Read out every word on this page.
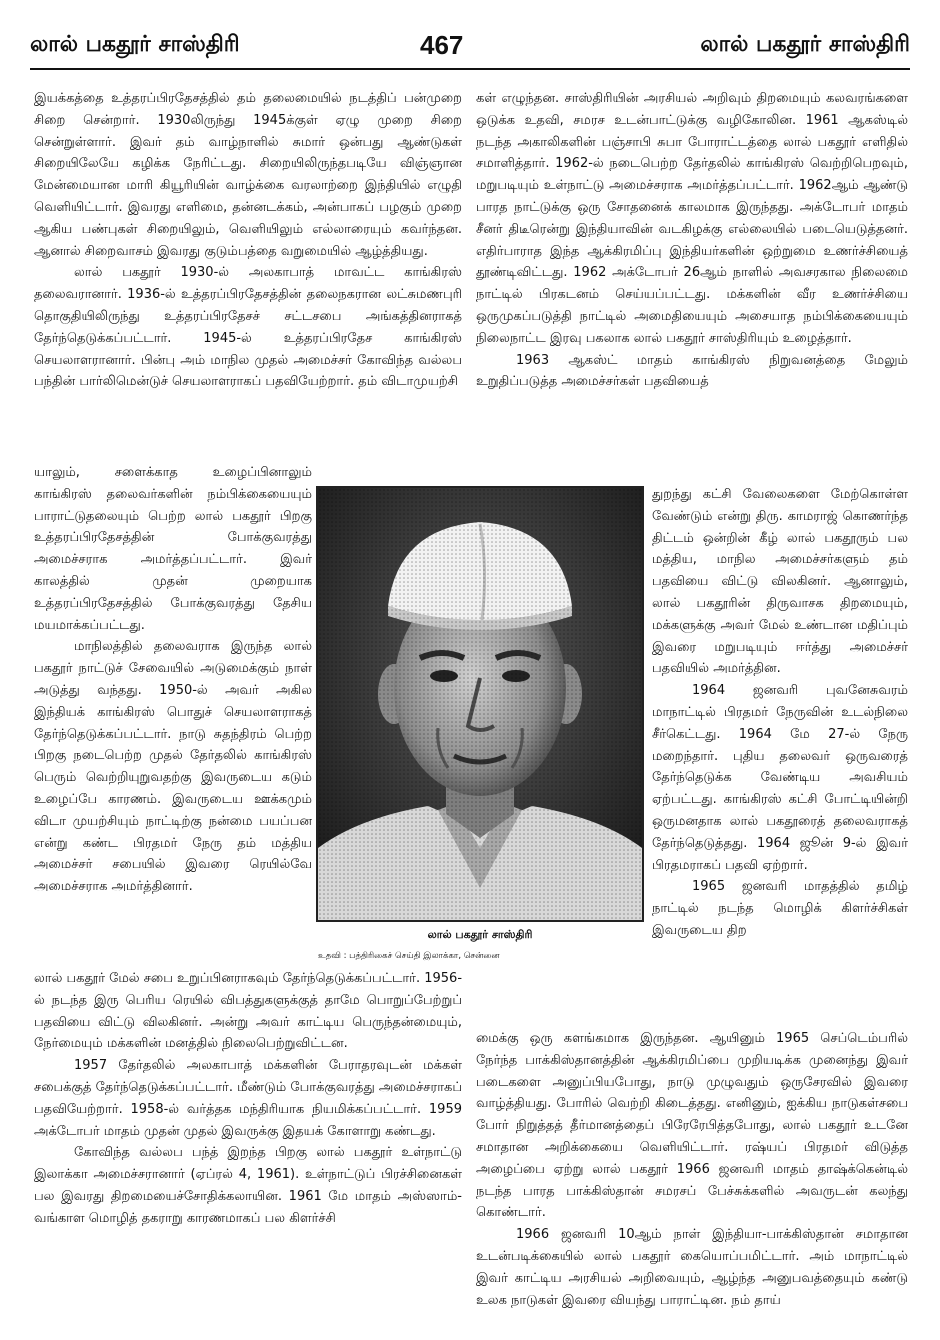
லால் பகதூர் சாஸ்திரி	467	லால் பகதூர் சாஸ்திரி

இயக்கத்தை உத்தரப்பிரதேசத்தில் தம் தலைமையில் நடத்திப் பன்முறை சிறை சென்றார். 1930லிருந்து 1945க்குள் ஏழு முறை சிறை சென்றுள்ளார். இவர் தம் வாழ்நாளில் சுமார் ஒன்பது ஆண்டுகள் சிறையிலேயே கழிக்க நேரிட்டது. சிறையிலிருந்தபடியே விஞ்ஞான மேன்மையான மாரி கியூரியின் வாழ்க்கை வரலாற்றை இந்தியில் எழுதி வெளியிட்டார். இவரது எளிமை, தன்னடக்கம், அன்பாகப் பழகும் முறை ஆகிய பண்புகள் சிறையிலும், வெளியிலும் எல்லாரையும் கவர்ந்தன. ஆனால் சிறைவாசம் இவரது குடும்பத்தை வறுமையில் ஆழ்த்தியது.

லால் பகதூர் 1930-ல் அலகாபாத் மாவட்ட காங்கிரஸ் தலைவரானார். 1936-ல் உத்தரப்பிரதேசத்தின் தலைநகரான லட்சுமணபுரி தொகுதியிலிருந்து உத்தரப்பிரதேசச் சட்டசபை அங்கத்தினராகத் தேர்ந்தெடுக்கப்பட்டார். 1945-ல் உத்தரப்பிரதேச காங்கிரஸ் செயலாளரானார். பின்பு அம் மாநில முதல் அமைச்சர் கோவிந்த வல்லப பந்தின் பார்லிமென்டுச் செயலாளராகப் பதவியேற்றார். தம் விடாமுயற்சி

யாலும், சளைக்காத உழைப்பினாலும் காங்கிரஸ் தலைவர்களின் நம்பிக்கையையும் பாராட்டுதலையும் பெற்ற லால் பகதூர் பிறகு உத்தரப்பிரதேசத்தின் போக்குவரத்து அமைச்சராக அமர்த்தப்பட்டார். இவர் காலத்தில் முதன் முறையாக உத்தரப்பிரதேசத்தில் போக்குவரத்து தேசிய மயமாக்கப்பட்டது.

மாநிலத்தில் தலைவராக இருந்த லால் பகதூர் நாட்டுச் சேவையில் அடுமைக்கும் நாள் அடுத்து வந்தது. 1950-ல் அவர் அகில இந்தியக் காங்கிரஸ் பொதுச் செயலாளராகத் தேர்ந்தெடுக்கப்பட்டார். நாடு சுதந்திரம் பெற்ற பிறகு நடைபெற்ற முதல் தேர்தலில் காங்கிரஸ் பெரும் வெற்றியுறுவதற்கு இவருடைய கடும் உழைப்பே காரணம். இவருடைய ஊக்கமும் விடா முயற்சியும் நாட்டிற்கு நன்மை பயப்பன என்று கண்ட பிரதமர் நேரு தம் மத்திய அமைச்சர் சபையில் இவரை ரெயில்வே அமைச்சராக அமர்த்தினார்.

லால் பகதூர் மேல் சபை உறுப்பினராகவும் தேர்ந்தெடுக்கப்பட்டார். 1956-ல் நடந்த இரு பெரிய ரெயில் விபத்துகளுக்குத் தாமே பொறுப்பேற்றுப் பதவியை விட்டு விலகினர். அன்று அவர் காட்டிய பெருந்தன்மையும், நேர்மையும் மக்களின் மனத்தில் நிலைபெற்றுவிட்டன.

1957 தேர்தலில் அலகாபாத் மக்களின் பேராதரவுடன் மக்கள் சபைக்குத் தேர்ந்தெடுக்கப்பட்டார். மீண்டும் போக்குவரத்து அமைச்சராகப் பதவியேற்றார். 1958-ல் வர்த்தக மந்திரியாக நியமிக்கப்பட்டார். 1959 அக்டோபர் மாதம் முதன் முதல் இவருக்கு இதயக் கோளாறு கண்டது.

கோவிந்த வல்லப பந்த் இறந்த பிறகு லால் பகதூர் உள்நாட்டு இலாக்கா அமைச்சரானார் (ஏப்ரல் 4, 1961). உள்நாட்டுப் பிரச்சினைகள் பல இவரது திறமையைச்சோதிக்கலாயின. 1961 மே மாதம் அஸ்ஸாம்-வங்காள மொழித் தகராறு காரணமாகப் பல கிளர்ச்சி

கள் எழுந்தன. சாஸ்திரியின் அரசியல் அறிவும் திறமையும் கலவரங்களை ஒடுக்க உதவி, சமரச உடன்பாட்டுக்கு வழிகோலின. 1961 ஆகஸ்டில் நடந்த அகாலிகளின் பஞ்சாபி சுபா போராட்டத்தை லால் பகதூர் எளிதில் சமாளித்தார். 1962-ல் நடைபெற்ற தேர்தலில் காங்கிரஸ் வெற்றிபெறவும், மறுபடியும் உள்நாட்டு அமைச்சராக அமர்த்தப்பட்டார். 1962ஆம் ஆண்டு பாரத நாட்டுக்கு ஒரு சோதனைக் காலமாக இருந்தது. அக்டோபர் மாதம் சீனர் திடீரென்று இந்தியாவின் வடகிழக்கு எல்லையில் படையெடுத்தனர். எதிர்பாராத இந்த ஆக்கிரமிப்பு இந்தியர்களின் ஒற்றுமை உணர்ச்சியைத் தூண்டிவிட்டது. 1962 அக்டோபர் 26ஆம் நாளில் அவசரகால நிலைமை நாட்டில் பிரகடனம் செய்யப்பட்டது. மக்களின் வீர உணர்ச்சியை ஒருமுகப்படுத்தி நாட்டில் அமைதியையும் அசையாத நம்பிக்கையையும் நிலைநாட்ட இரவு பகலாக லால் பகதூர் சாஸ்திரியும் உழைத்தார்.

1963 ஆகஸ்ட் மாதம் காங்கிரஸ் நிறுவனத்தை மேலும் உறுதிப்படுத்த அமைச்சர்கள் பதவியைத்

துறந்து கட்சி வேலைகளை மேற்கொள்ள வேண்டும் என்று திரு. காமராஜ் கொணர்ந்த திட்டம் ஒன்றின் கீழ் லால் பகதூரும் பல மத்திய, மாநில அமைச்சர்களும் தம் பதவியை விட்டு விலகினர். ஆனாலும், லால் பகதூரின் திருவாசக திறமையும், மக்களுக்கு அவர் மேல் உண்டான மதிப்பும் இவரை மறுபடியும் ஈர்த்து அமைச்சர் பதவியில் அமர்த்தின.

1964 ஜனவரி புவனேசுவரம் மாநாட்டில் பிரதமர் நேருவின் உடல்நிலை சீர்கெட்டது. 1964 மே 27-ல் நேரு மறைந்தார். புதிய தலைவர் ஒருவரைத் தேர்ந்தெடுக்க வேண்டிய அவசியம் ஏற்பட்டது. காங்கிரஸ் கட்சி போட்டியின்றி ஒருமனதாக லால் பகதூரைத் தலைவராகத் தேர்ந்தெடுத்தது. 1964 ஜூன் 9-ல் இவர் பிரதமராகப் பதவி ஏற்றார்.

1965 ஜனவரி மாதத்தில் தமிழ் நாட்டில் நடந்த மொழிக் கிளர்ச்சிகள் இவருடைய திற

மைக்கு ஒரு களங்கமாக இருந்தன. ஆயினும் 1965 செப்டெம்பரில் நேர்ந்த பாக்கிஸ்தானத்தின் ஆக்கிரமிப்பை முறியடிக்க முனைந்து இவர் படைகளை அனுப்பியபோது, நாடு முழுவதும் ஒருசேரவில் இவரை வாழ்த்தியது. போரில் வெற்றி கிடைத்தது. எனினும், ஐக்கிய நாடுகள்சபை போர் நிறுத்தத் தீர்மானத்தைப் பிரேரேபித்தபோது, லால் பகதூர் உடனே சமாதான அறிக்கையை வெளியிட்டார். ரஷ்யப் பிரதமர் விடுத்த அழைப்பை ஏற்று லால் பகதூர் 1966 ஜனவரி மாதம் தாஷ்க்கென்டில் நடந்த பாரத பாக்கிஸ்தான் சமரசப் பேச்சுக்களில் அவருடன் கலந்து கொண்டார்.

1966 ஜனவரி 10ஆம் நாள் இந்தியா-பாக்கிஸ்தான் சமாதான உடன்படிக்கையில் லால் பகதூர் கையொப்பமிட்டார். அம் மாநாட்டில் இவர் காட்டிய அரசியல் அறிவையும், ஆழ்ந்த அனுபவத்தையும் கண்டு உலக நாடுகள் இவரை வியந்து பாராட்டின. நம் தாய்

லால் பகதூர் சாஸ்திரி
உதவி : பத்திரிகைச் செய்தி இலாக்கா, சென்னை
